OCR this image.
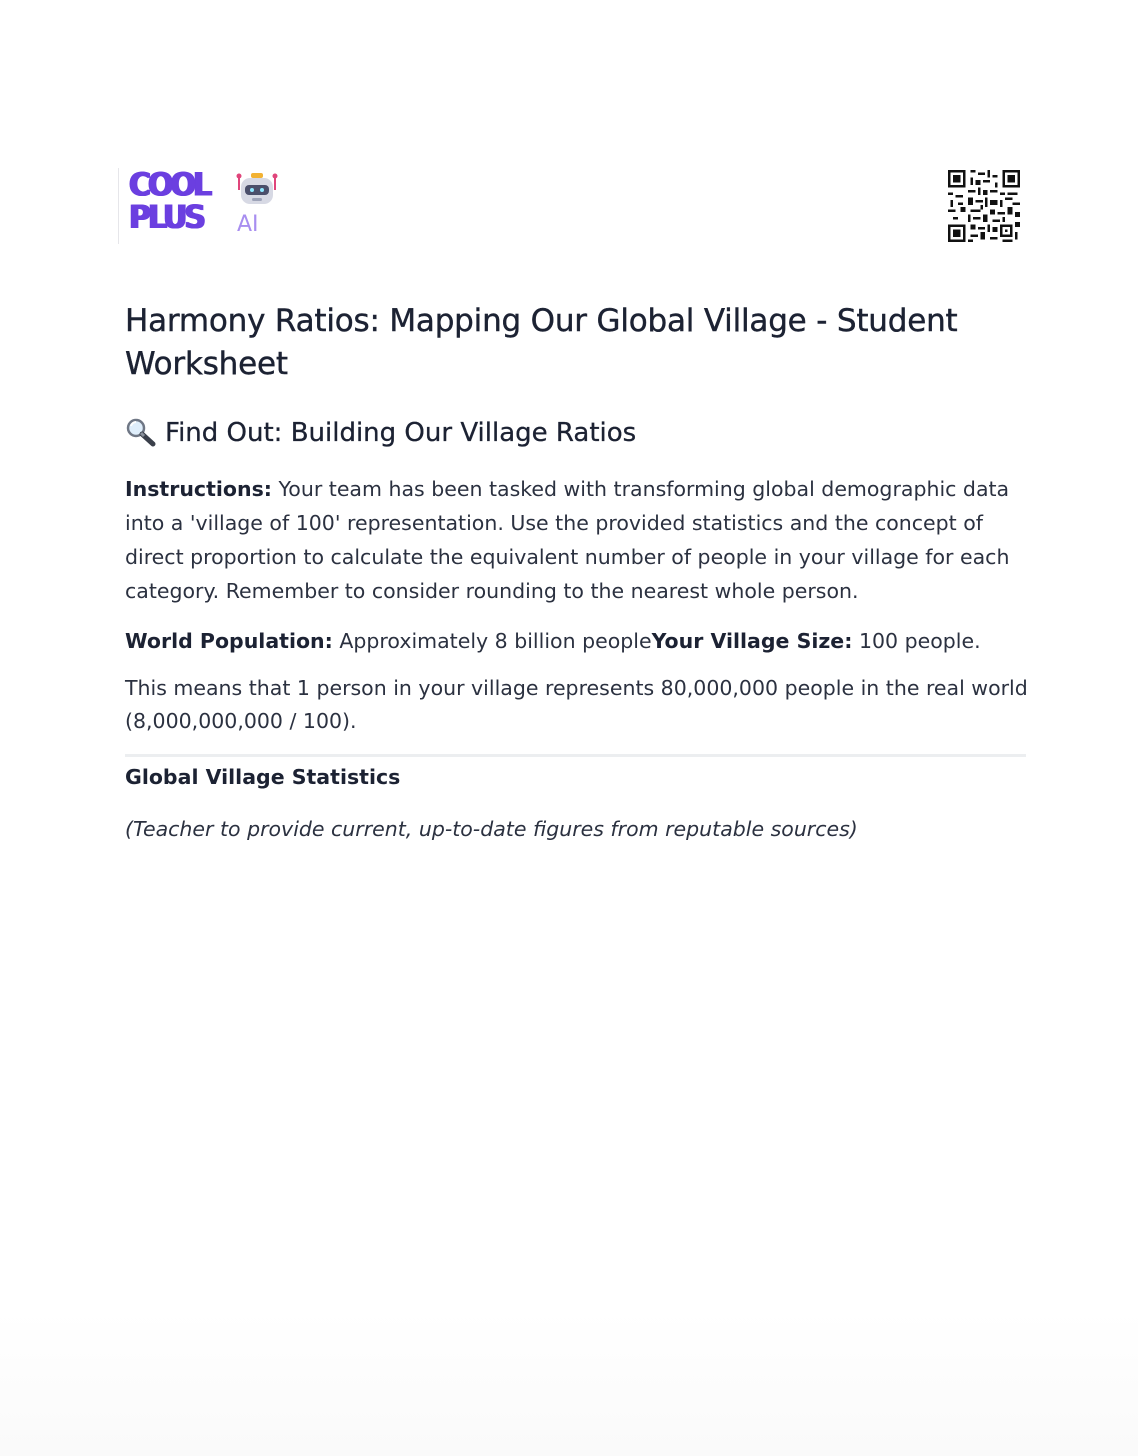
COOL
PLUS AI
Harmony Ratios: Mapping Our Global Village - Student Worksheet
Find Out: Building Our Village Ratios

Instructions: Your team has been tasked with transforming global demographic data into a 'village of 100' representation. Use the provided statistics and the concept of direct proportion to calculate the equivalent number of people in your village for each category. Remember to consider rounding to the nearest whole person.

World Population: Approximately 8 billion peopleYour Village Size: 100 people.

This means that 1 person in your village represents 80,000,000 people in the real world (8,000,000,000 / 100).

Global Village Statistics
(Teacher to provide current, up-to-date figures from reputable sources)
